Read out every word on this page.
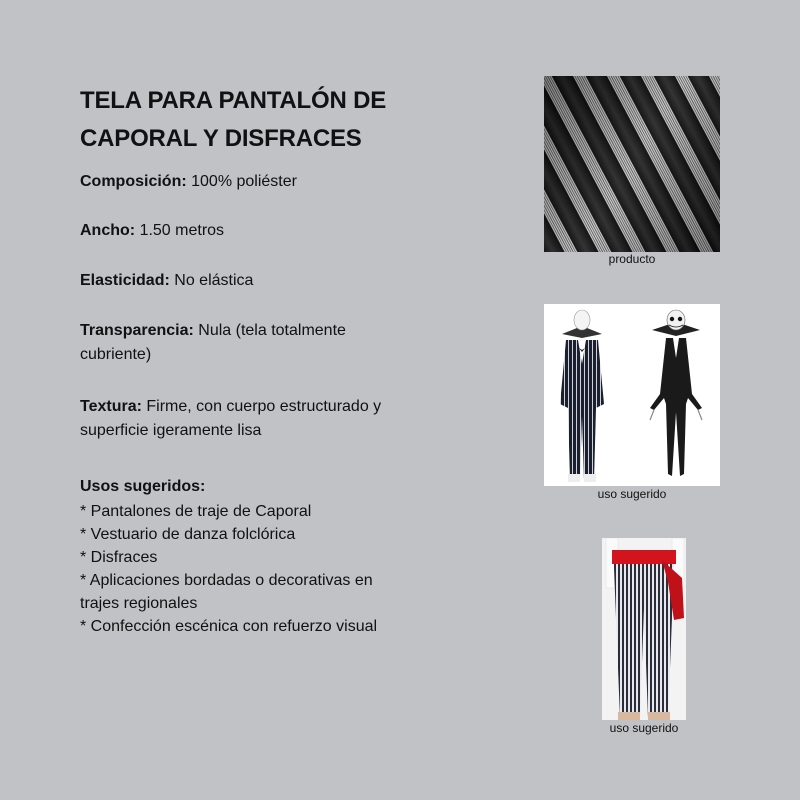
TELA PARA PANTALÓN DE CAPORAL Y DISFRACES

Composición: 100% poliéster

Ancho: 1.50 metros

Elasticidad: No elástica

Transparencia: Nula (tela totalmente cubriente)

Textura: Firme, con cuerpo estructurado y superficie igeramente lisa

Usos sugeridos:

* Pantalones de traje de Caporal
* Vestuario de danza folclórica
* Disfraces
* Aplicaciones bordadas o decorativas en trajes regionales
* Confección escénica con refuerzo visual
producto
uso sugerido
uso sugerido
